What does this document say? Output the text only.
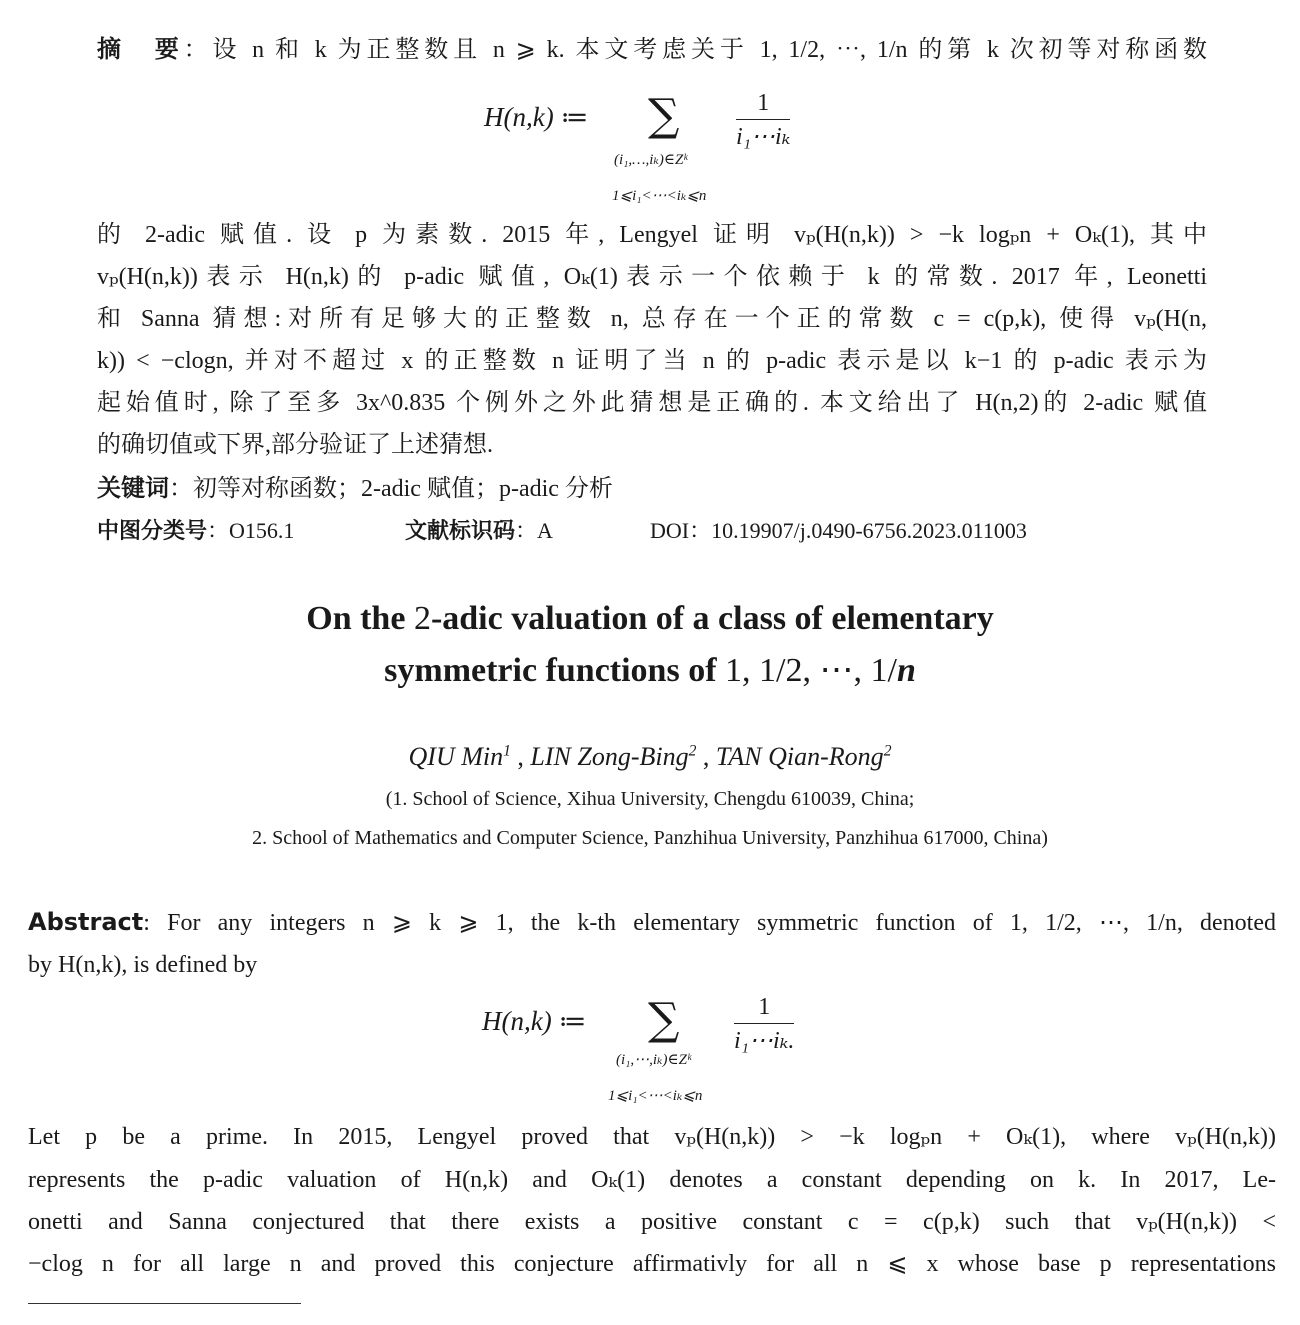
摘　要：设 n 和 k 为正整数且 n ⩾ k. 本文考虑关于 1, 1/2, ⋯, 1/n 的第 k 次初等对称函数
H(n,k) ≔ ∑ $\frac{1}{\text{i₁⋯iₖ}}$
(i₁,…,iₖ)∈Zᵏ
1⩽i₁<⋯<iₖ⩽n
的 2-adic 赋值. 设 p 为素数. 2015 年, Lengyel 证明 vₚ(H(n,k)) > −k logₚn + Oₖ(1), 其中
vₚ(H(n,k))表示 H(n,k)的 p-adic 赋值, Oₖ(1)表示一个依赖于 k 的常数. 2017 年, Leonetti
和 Sanna 猜想:对所有足够大的正整数 n, 总存在一个正的常数 c = c(p,k), 使得 vₚ(H(n,
k)) < −clogn, 并对不超过 x 的正整数 n 证明了当 n 的 p-adic 表示是以 k−1 的 p-adic 表示为
起始值时, 除了至多 3x^0.835 个例外之外此猜想是正确的. 本文给出了 H(n,2)的 2-adic 赋值
的确切值或下界,部分验证了上述猜想.
关键词：初等对称函数；2-adic 赋值；p-adic 分析
中图分类号：O156.1	文献标识码：A	DOI：10.19907/j.0490-6756.2023.011003
On the 2-adic valuation of a class of elementary
symmetric functions of 1, 1/2, ⋯, 1/n
QIU Min$^1$ , LIN Zong-Bing$^2$ , TAN Qian-Rong$^2$
(1. School of Science, Xihua University, Chengdu 610039, China;
2. School of Mathematics and Computer Science, Panzhihua University, Panzhihua 617000, China)
Abstract: For any integers n ⩾ k ⩾ 1, the k-th elementary symmetric function of 1, 1/2, ⋯, 1/n, denoted
by H(n,k), is defined by
H(n,k) ≔ ∑ $\frac{1}{\text{i₁⋯iₖ.}}$
(i₁,⋯,iₖ)∈Zᵏ
1⩽i₁<⋯<iₖ⩽n
Let p be a prime. In 2015, Lengyel proved that vₚ(H(n,k)) > −k logₚn + Oₖ(1), where vₚ(H(n,k))
represents the p-adic valuation of H(n,k) and Oₖ(1) denotes a constant depending on k. In 2017, Le-
onetti and Sanna conjectured that there exists a positive constant c = c(p,k) such that vₚ(H(n,k)) <
−clog n for all large n and proved this conjecture affirmativly for all n ⩽ x whose base p representations
